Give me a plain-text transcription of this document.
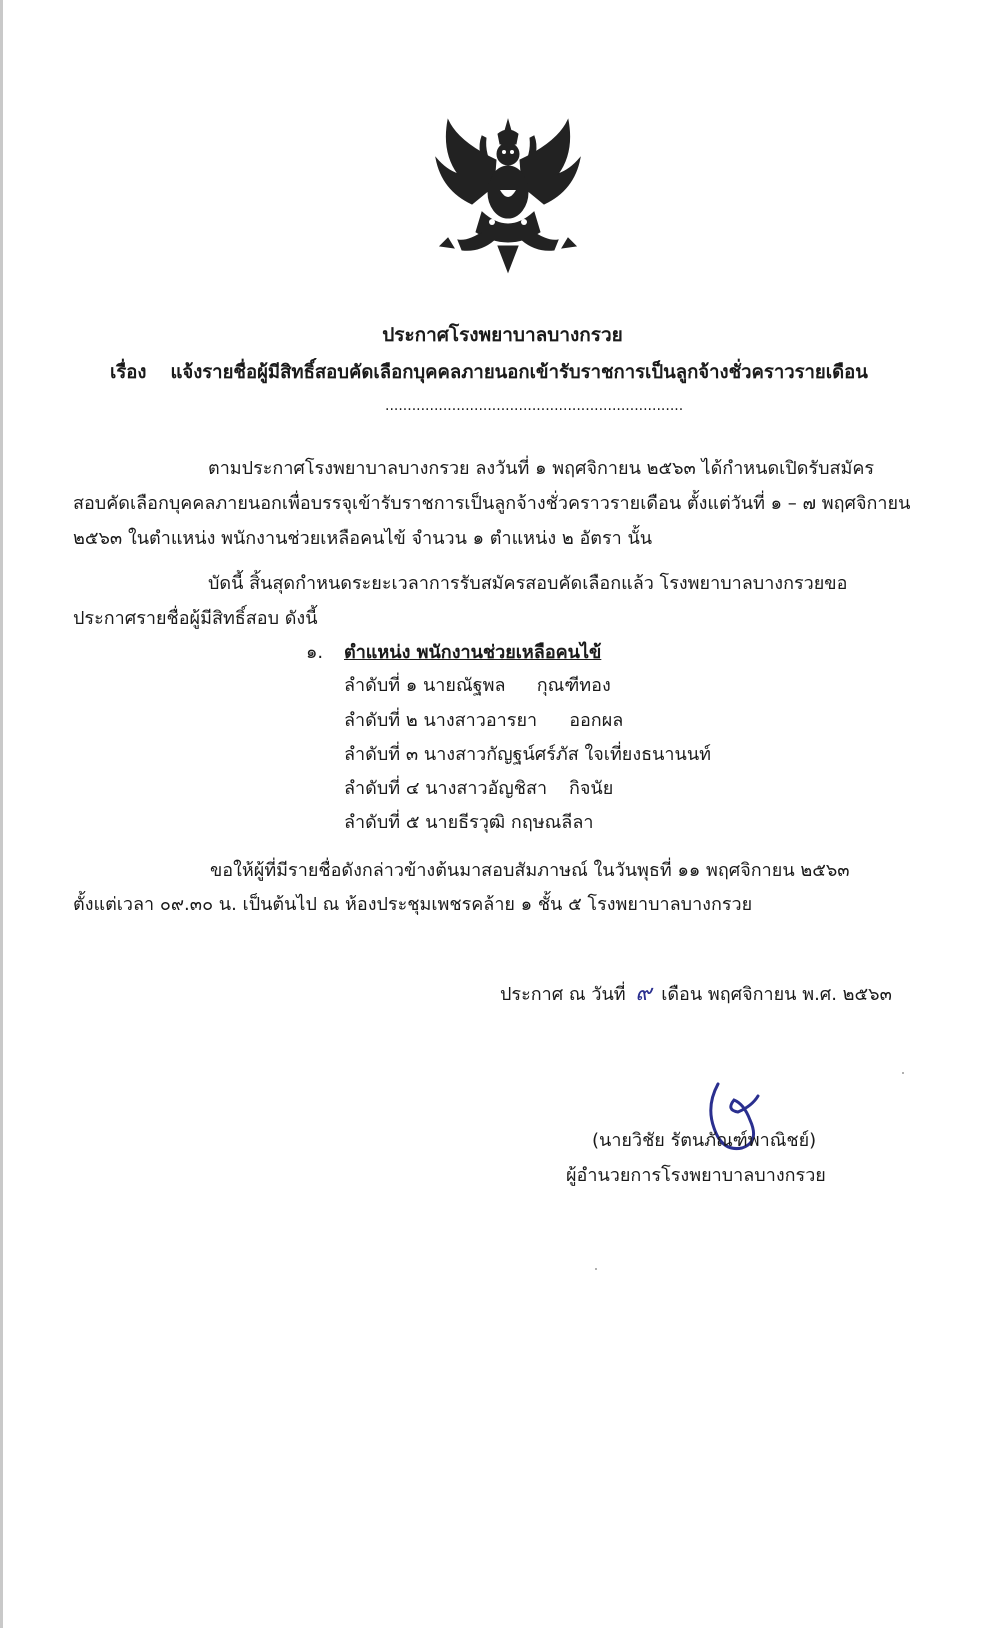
ประกาศโรงพยาบาลบางกรวย
เรื่อง แจ้งรายชื่อผู้มีสิทธิ์สอบคัดเลือกบุคคลภายนอกเข้ารับราชการเป็นลูกจ้างชั่วคราวรายเดือน
...................................................................
ตามประกาศโรงพยาบาลบางกรวย ลงวันที่ ๑ พฤศจิกายน ๒๕๖๓ ได้กำหนดเปิดรับสมัคร
สอบคัดเลือกบุคคลภายนอกเพื่อบรรจุเข้ารับราชการเป็นลูกจ้างชั่วคราวรายเดือน ตั้งแต่วันที่ ๑ – ๗ พฤศจิกายน
๒๕๖๓ ในตำแหน่ง พนักงานช่วยเหลือคนไข้ จำนวน ๑ ตำแหน่ง ๒ อัตรา นั้น
บัดนี้ สิ้นสุดกำหนดระยะเวลาการรับสมัครสอบคัดเลือกแล้ว โรงพยาบาลบางกรวยขอ
ประกาศรายชื่อผู้มีสิทธิ์สอบ ดังนี้
๑. ตำแหน่ง พนักงานช่วยเหลือคนไข้
ลำดับที่ ๑ นายณัฐพล กุณฑีทอง
ลำดับที่ ๒ นางสาวอารยา ออกผล
ลำดับที่ ๓ นางสาวกัญฐน์ศร์ภัส ใจเที่ยงธนานนท์
ลำดับที่ ๔ นางสาวอัญชิสา กิจนัย
ลำดับที่ ๕ นายธีรวุฒิ กฤษณลีลา
ขอให้ผู้ที่มีรายชื่อดังกล่าวข้างต้นมาสอบสัมภาษณ์ ในวันพุธที่ ๑๑ พฤศจิกายน ๒๕๖๓
ตั้งแต่เวลา ๐๙.๓๐ น. เป็นต้นไป ณ ห้องประชุมเพชรคล้าย ๑ ชั้น ๕ โรงพยาบาลบางกรวย
ประกาศ ณ วันที่ ๙ เดือน พฤศจิกายน พ.ศ. ๒๕๖๓
(นายวิชัย รัตนภัณฑ์พาณิชย์)
ผู้อำนวยการโรงพยาบาลบางกรวย
